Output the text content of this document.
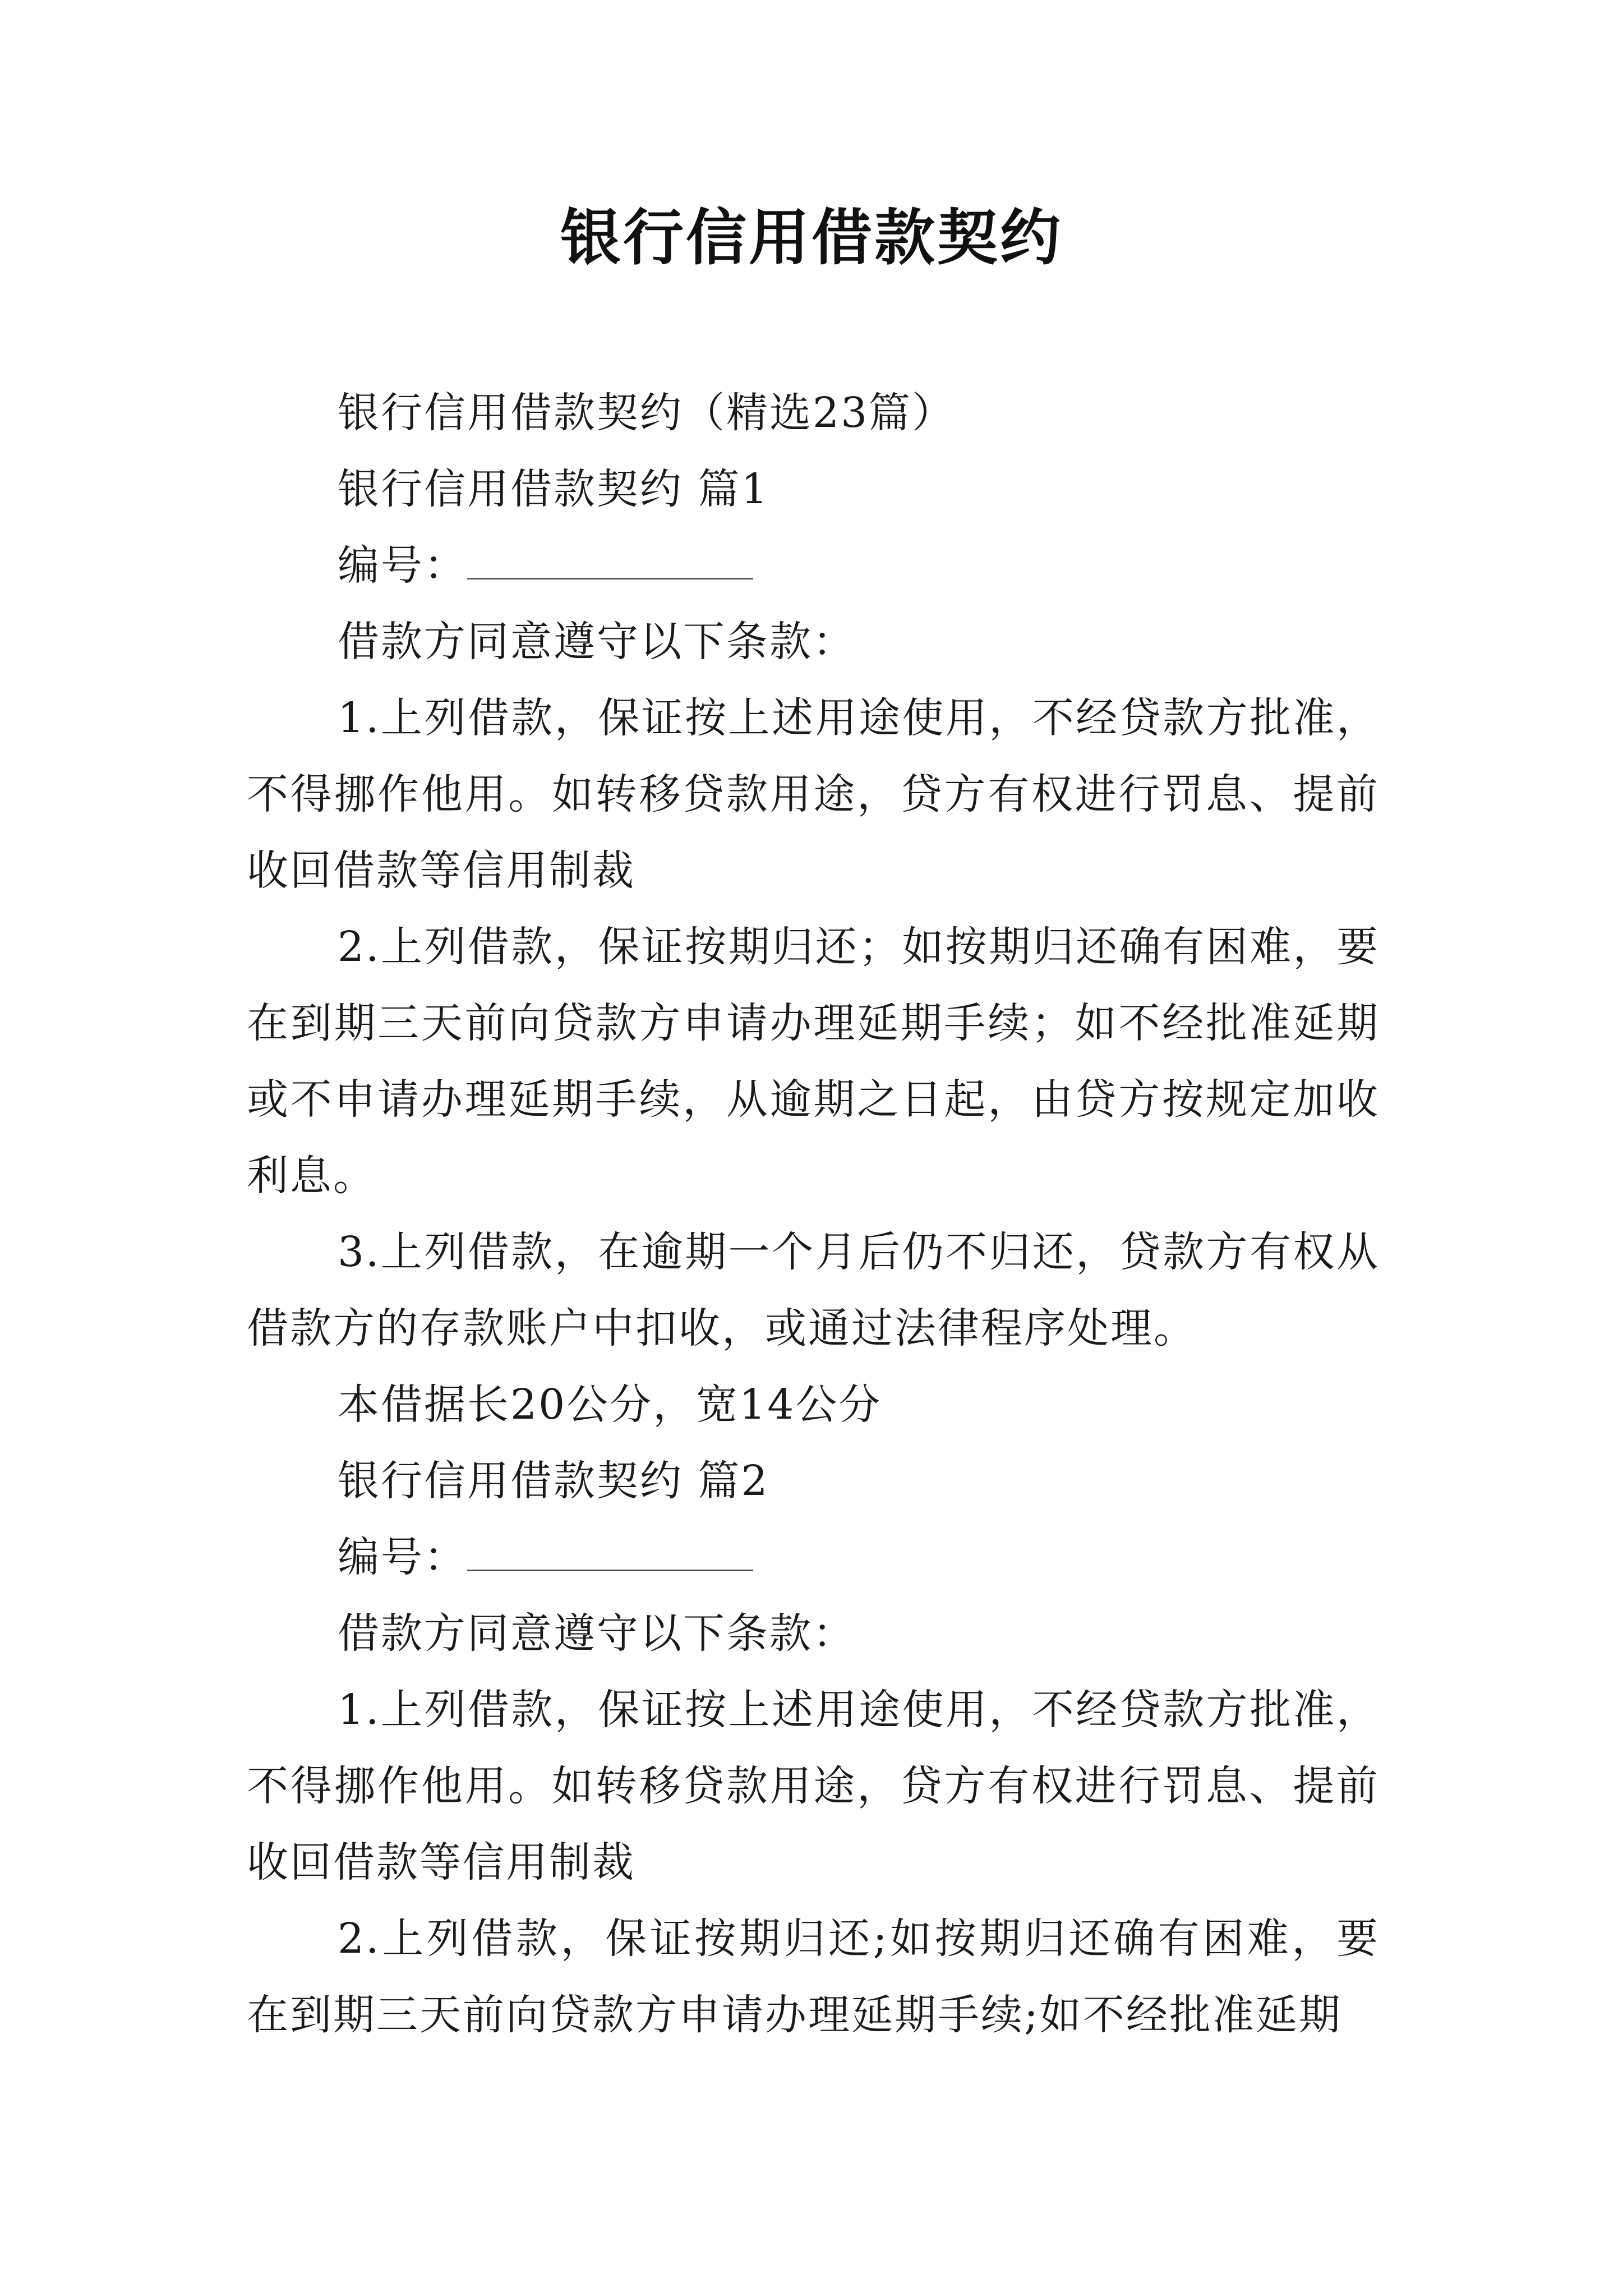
银行信用借款契约

银行信用借款契约（精选23篇）

银行信用借款契约 篇1

编号：

借款方同意遵守以下条款：

1.上列借款，保证按上述用途使用，不经贷款方批准，不得挪作他用。如转移贷款用途，贷方有权进行罚息、提前收回借款等信用制裁

2.上列借款，保证按期归还；如按期归还确有困难，要在到期三天前向贷款方申请办理延期手续；如不经批准延期或不申请办理延期手续，从逾期之日起，由贷方按规定加收利息。

3.上列借款，在逾期一个月后仍不归还，贷款方有权从借款方的存款账户中扣收，或通过法律程序处理。

本借据长20公分，宽14公分

银行信用借款契约 篇2

编号：

借款方同意遵守以下条款：

1.上列借款，保证按上述用途使用，不经贷款方批准，不得挪作他用。如转移贷款用途，贷方有权进行罚息、提前收回借款等信用制裁

2.上列借款，保证按期归还;如按期归还确有困难，要在到期三天前向贷款方申请办理延期手续;如不经批准延期
